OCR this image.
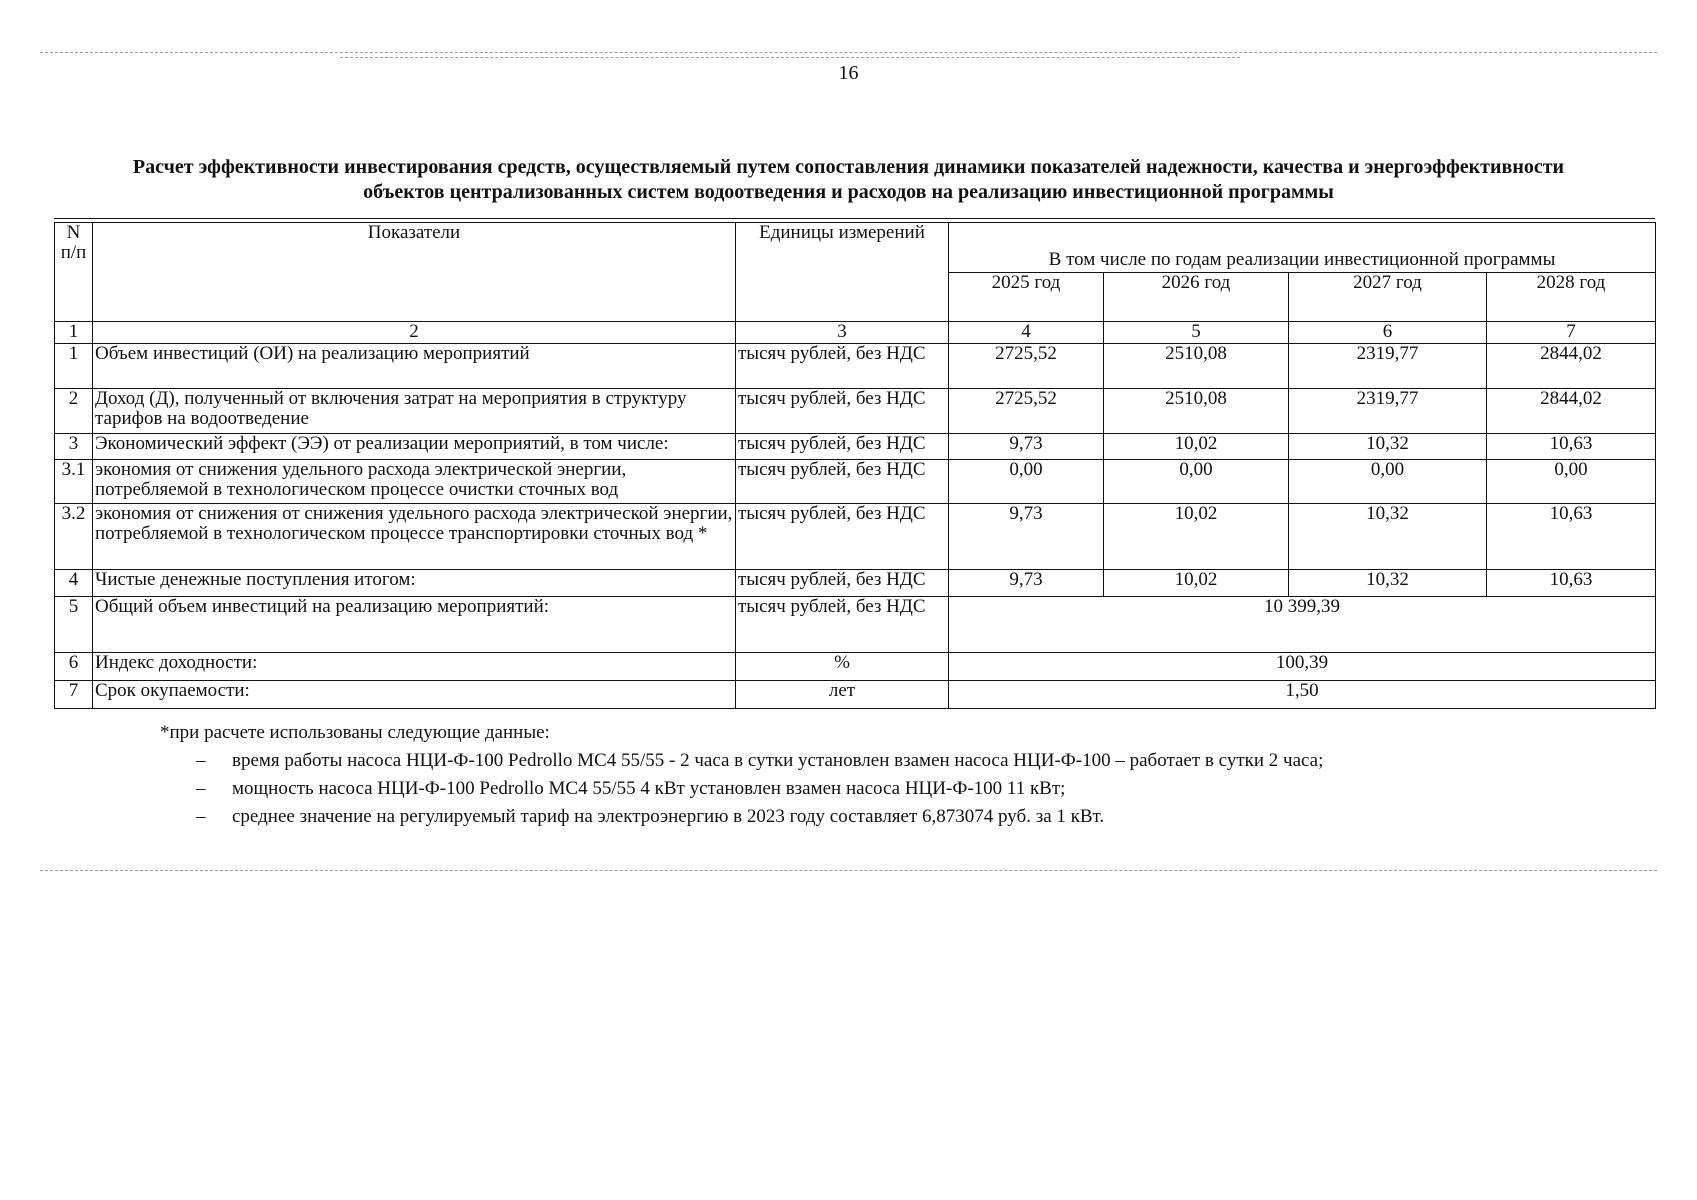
16
Расчет эффективности инвестирования средств, осуществляемый путем сопоставления динамики показателей надежности, качества и энергоэффективности
объектов централизованных систем водоотведения и расходов на реализацию инвестиционной программы
N п/п	Показатели	Единицы измерений	В том числе по годам реализации инвестиционной программы			
			2025 год	2026 год	2027 год	2028 год
1	2	3	4	5	6	7
1	Объем инвестиций (ОИ) на реализацию мероприятий	тысяч рублей, без НДС	2725,52	2510,08	2319,77	2844,02
2	Доход (Д), полученный от включения затрат на мероприятия в структуру тарифов на водоотведение	тысяч рублей, без НДС	2725,52	2510,08	2319,77	2844,02
3	Экономический эффект (ЭЭ) от реализации мероприятий, в том числе:	тысяч рублей, без НДС	9,73	10,02	10,32	10,63
3.1	экономия от снижения удельного расхода электрической энергии, потребляемой в технологическом процессе очистки сточных вод	тысяч рублей, без НДС	0,00	0,00	0,00	0,00
3.2	экономия от снижения от снижения удельного расхода электрической энергии, потребляемой в технологическом процессе транспортировки сточных вод *	тысяч рублей, без НДС	9,73	10,02	10,32	10,63
4	Чистые денежные поступления итогом:	тысяч рублей, без НДС	9,73	10,02	10,32	10,63
5	Общий объем инвестиций на реализацию мероприятий:	тысяч рублей, без НДС	10 399,39			
6	Индекс доходности:	%	100,39			
7	Срок окупаемости:	лет	1,50			
*при расчете использованы следующие данные:
– время работы насоса НЦИ-Ф-100 Pedrollo MC4 55/55 - 2 часа в сутки установлен взамен насоса НЦИ-Ф-100 – работает в сутки 2 часа;
– мощность насоса НЦИ-Ф-100 Pedrollo MC4 55/55 4 кВт установлен взамен насоса НЦИ-Ф-100 11 кВт;
– среднее значение на регулируемый тариф на электроэнергию в 2023 году составляет 6,873074 руб. за 1 кВт.
